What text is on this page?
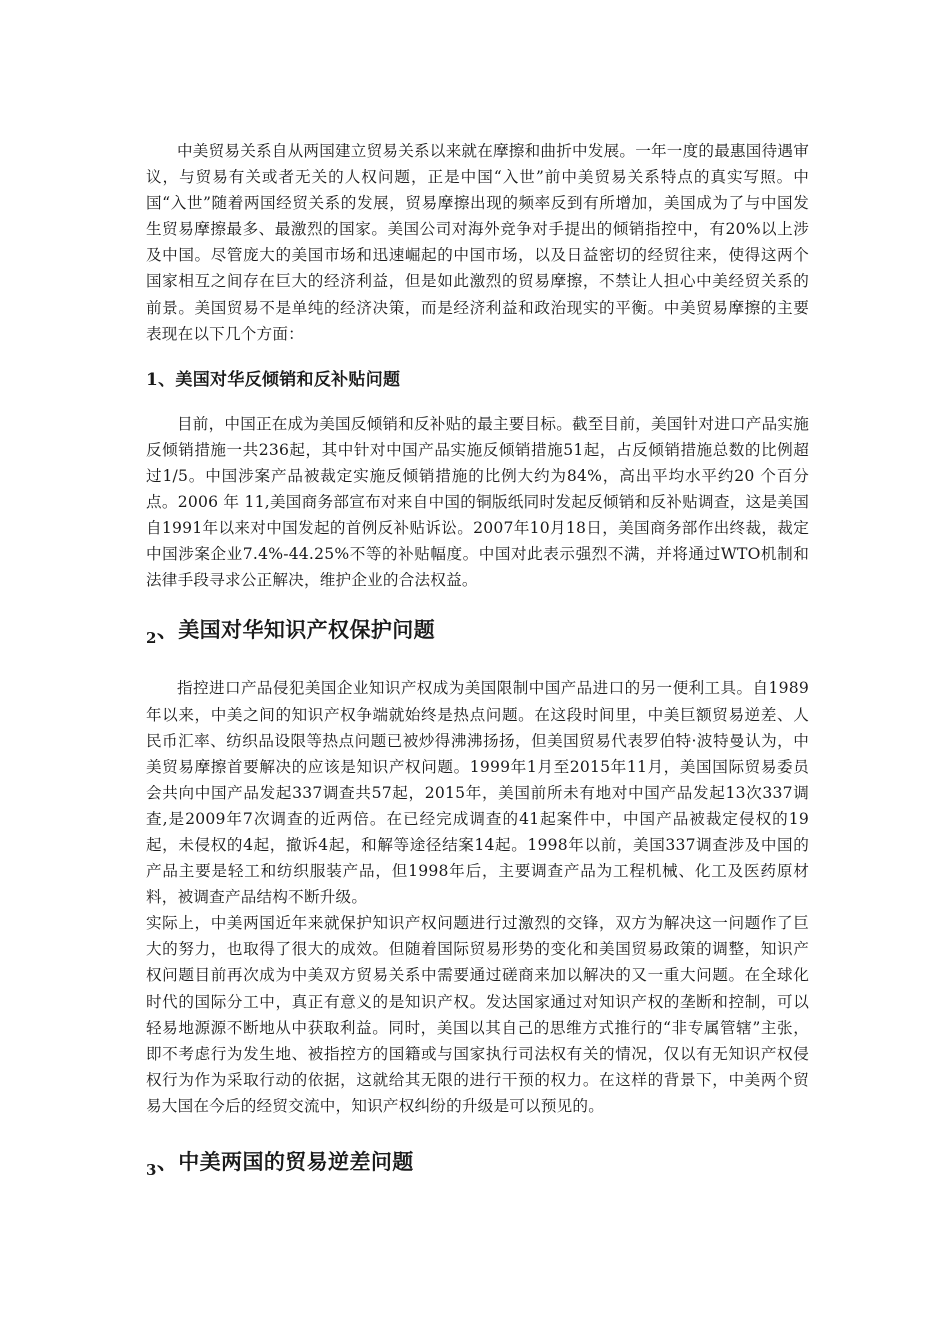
中美贸易关系自从两国建立贸易关系以来就在摩擦和曲折中发展。一年一度的最惠国待遇审议，与贸易有关或者无关的人权问题，正是中国“入世”前中美贸易关系特点的真实写照。中国“入世”随着两国经贸关系的发展，贸易摩擦出现的频率反到有所增加，美国成为了与中国发生贸易摩擦最多、最激烈的国家。美国公司对海外竞争对手提出的倾销指控中，有20%以上涉及中国。尽管庞大的美国市场和迅速崛起的中国市场，以及日益密切的经贸往来，使得这两个国家相互之间存在巨大的经济利益，但是如此激烈的贸易摩擦，不禁让人担心中美经贸关系的前景。美国贸易不是单纯的经济决策，而是经济利益和政治现实的平衡。中美贸易摩擦的主要表现在以下几个方面：

1、美国对华反倾销和反补贴问题

目前，中国正在成为美国反倾销和反补贴的最主要目标。截至目前，美国针对进口产品实施反倾销措施一共236起，其中针对中国产品实施反倾销措施51起，占反倾销措施总数的比例超过1/5。中国涉案产品被裁定实施反倾销措施的比例大约为84%，高出平均水平约20 个百分点。2006 年 11,美国商务部宣布对来自中国的铜版纸同时发起反倾销和反补贴调查，这是美国自1991年以来对中国发起的首例反补贴诉讼。2007年10月18日，美国商务部作出终裁，裁定中国涉案企业7.4%-44.25%不等的补贴幅度。中国对此表示强烈不满，并将通过WTO机制和法律手段寻求公正解决，维护企业的合法权益。

$_2$、美国对华知识产权保护问题

指控进口产品侵犯美国企业知识产权成为美国限制中国产品进口的另一便利工具。自1989 年以来，中美之间的知识产权争端就始终是热点问题。在这段时间里，中美巨额贸易逆差、人民币汇率、纺织品设限等热点问题已被炒得沸沸扬扬，但美国贸易代表罗伯特·波特曼认为，中美贸易摩擦首要解决的应该是知识产权问题。1999年1月至2015年11月，美国国际贸易委员会共向中国产品发起337调查共57起，2015年，美国前所未有地对中国产品发起13次337调查,是2009年7次调查的近两倍。在已经完成调查的41起案件中，中国产品被裁定侵权的19起，未侵权的4起，撤诉4起，和解等途径结案14起。1998年以前，美国337调查涉及中国的产品主要是轻工和纺织服装产品，但1998年后，主要调查产品为工程机械、化工及医药原材料，被调查产品结构不断升级。

实际上，中美两国近年来就保护知识产权问题进行过激烈的交锋，双方为解决这一问题作了巨大的努力，也取得了很大的成效。但随着国际贸易形势的变化和美国贸易政策的调整，知识产权问题目前再次成为中美双方贸易关系中需要通过磋商来加以解决的又一重大问题。在全球化时代的国际分工中，真正有意义的是知识产权。发达国家通过对知识产权的垄断和控制，可以轻易地源源不断地从中获取利益。同时，美国以其自己的思维方式推行的“非专属管辖”主张，即不考虑行为发生地、被指控方的国籍或与国家执行司法权有关的情况，仅以有无知识产权侵权行为作为采取行动的依据，这就给其无限的进行干预的权力。在这样的背景下，中美两个贸易大国在今后的经贸交流中，知识产权纠纷的升级是可以预见的。

$_3$、中美两国的贸易逆差问题
